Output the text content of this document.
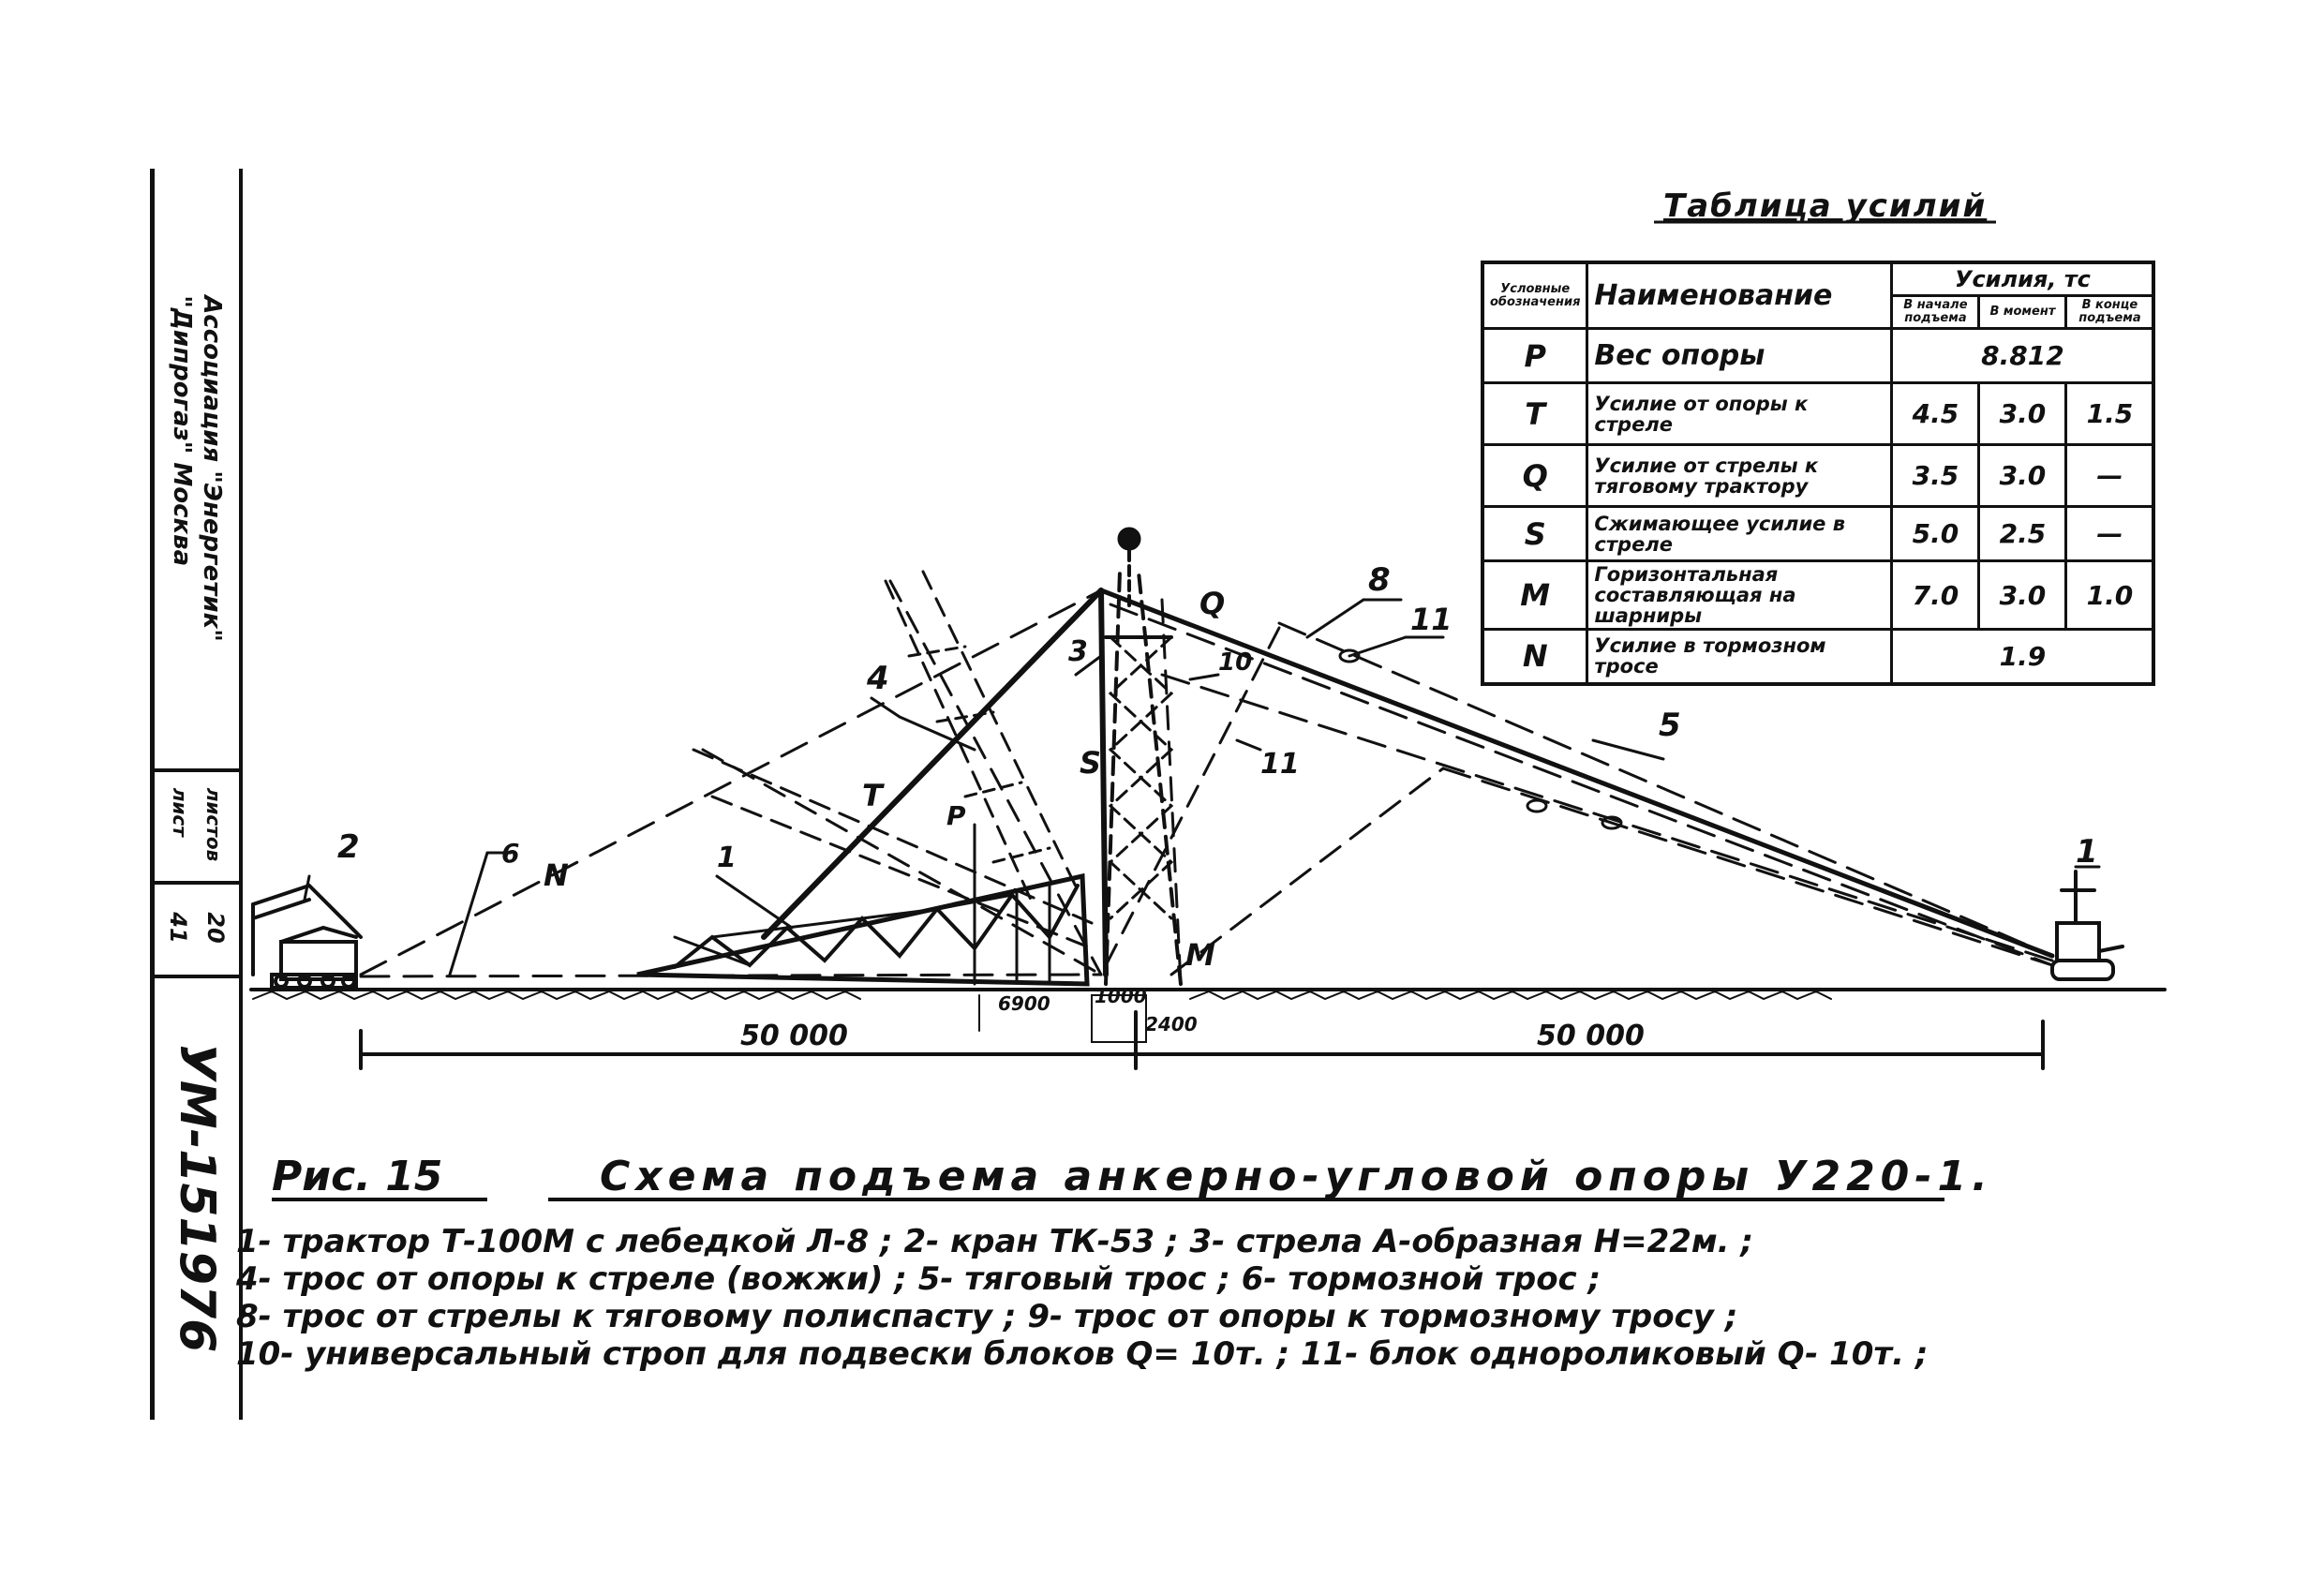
Ассоциация "Энергетик"
"Дипрогаз" Москва
листов
лист
20
41
УМ-151976
2	1
3
4
5
8
11
10
11
6	1
Q
S
M
N
T
P
50 000	50 000
6900 1000
2400
Таблица усилий
Условные обозначения	Наименование	Усилия, тс		
		В начале подъема	В момент	В конце подъема
P	Вес опоры	8.812		
T	Усилие от опоры к стреле	4.5	3.0	1.5
Q	Усилие от стрелы к тяговому трактору	3.5	3.0	—
S	Сжимающее усилие в стреле	5.0	2.5	—
M	Горизонтальная составляющая на шарниры	7.0	3.0	1.0
N	Усилие в тормозном тросе	1.9		
Рис. 15	Схема подъема анкерно-угловой опоры У220-1.
1- трактор Т-100М с лебедкой Л-8 ; 2- кран ТК-53 ; 3- стрела А-образная Н=22м. ;
4- трос от опоры к стреле (вожжи) ; 5- тяговый трос ; 6- тормозной трос ;
8- трос от стрелы к тяговому полиспасту ; 9- трос от опоры к тормозному тросу ;
10- универсальный строп для подвески блоков Q= 10т. ; 11- блок однороликовый Q- 10т. ;
